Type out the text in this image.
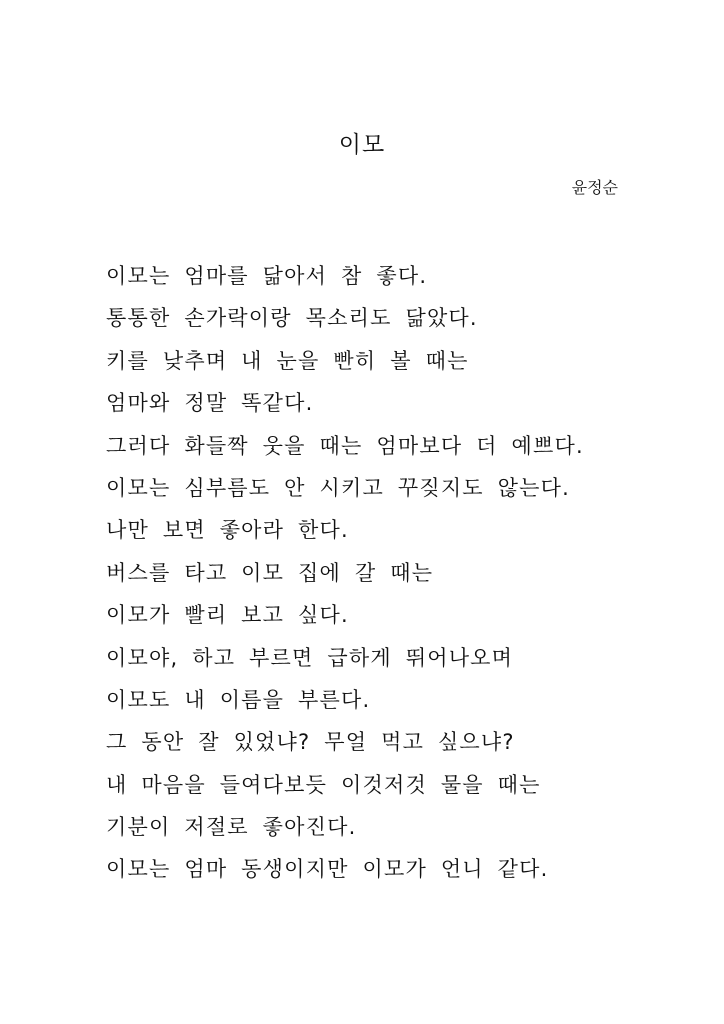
이모
윤정순
이모는 엄마를 닮아서 참 좋다.
통통한 손가락이랑 목소리도 닮았다.
키를 낮추며 내 눈을 빤히 볼 때는
엄마와 정말 똑같다.
그러다 화들짝 웃을 때는 엄마보다 더 예쁘다.
이모는 심부름도 안 시키고 꾸짖지도 않는다.
나만 보면 좋아라 한다.
버스를 타고 이모 집에 갈 때는
이모가 빨리 보고 싶다.
이모야, 하고 부르면 급하게 뛰어나오며
이모도 내 이름을 부른다.
그 동안 잘 있었냐? 무얼 먹고 싶으냐?
내 마음을 들여다보듯 이것저것 물을 때는
기분이 저절로 좋아진다.
이모는 엄마 동생이지만 이모가 언니 같다.
